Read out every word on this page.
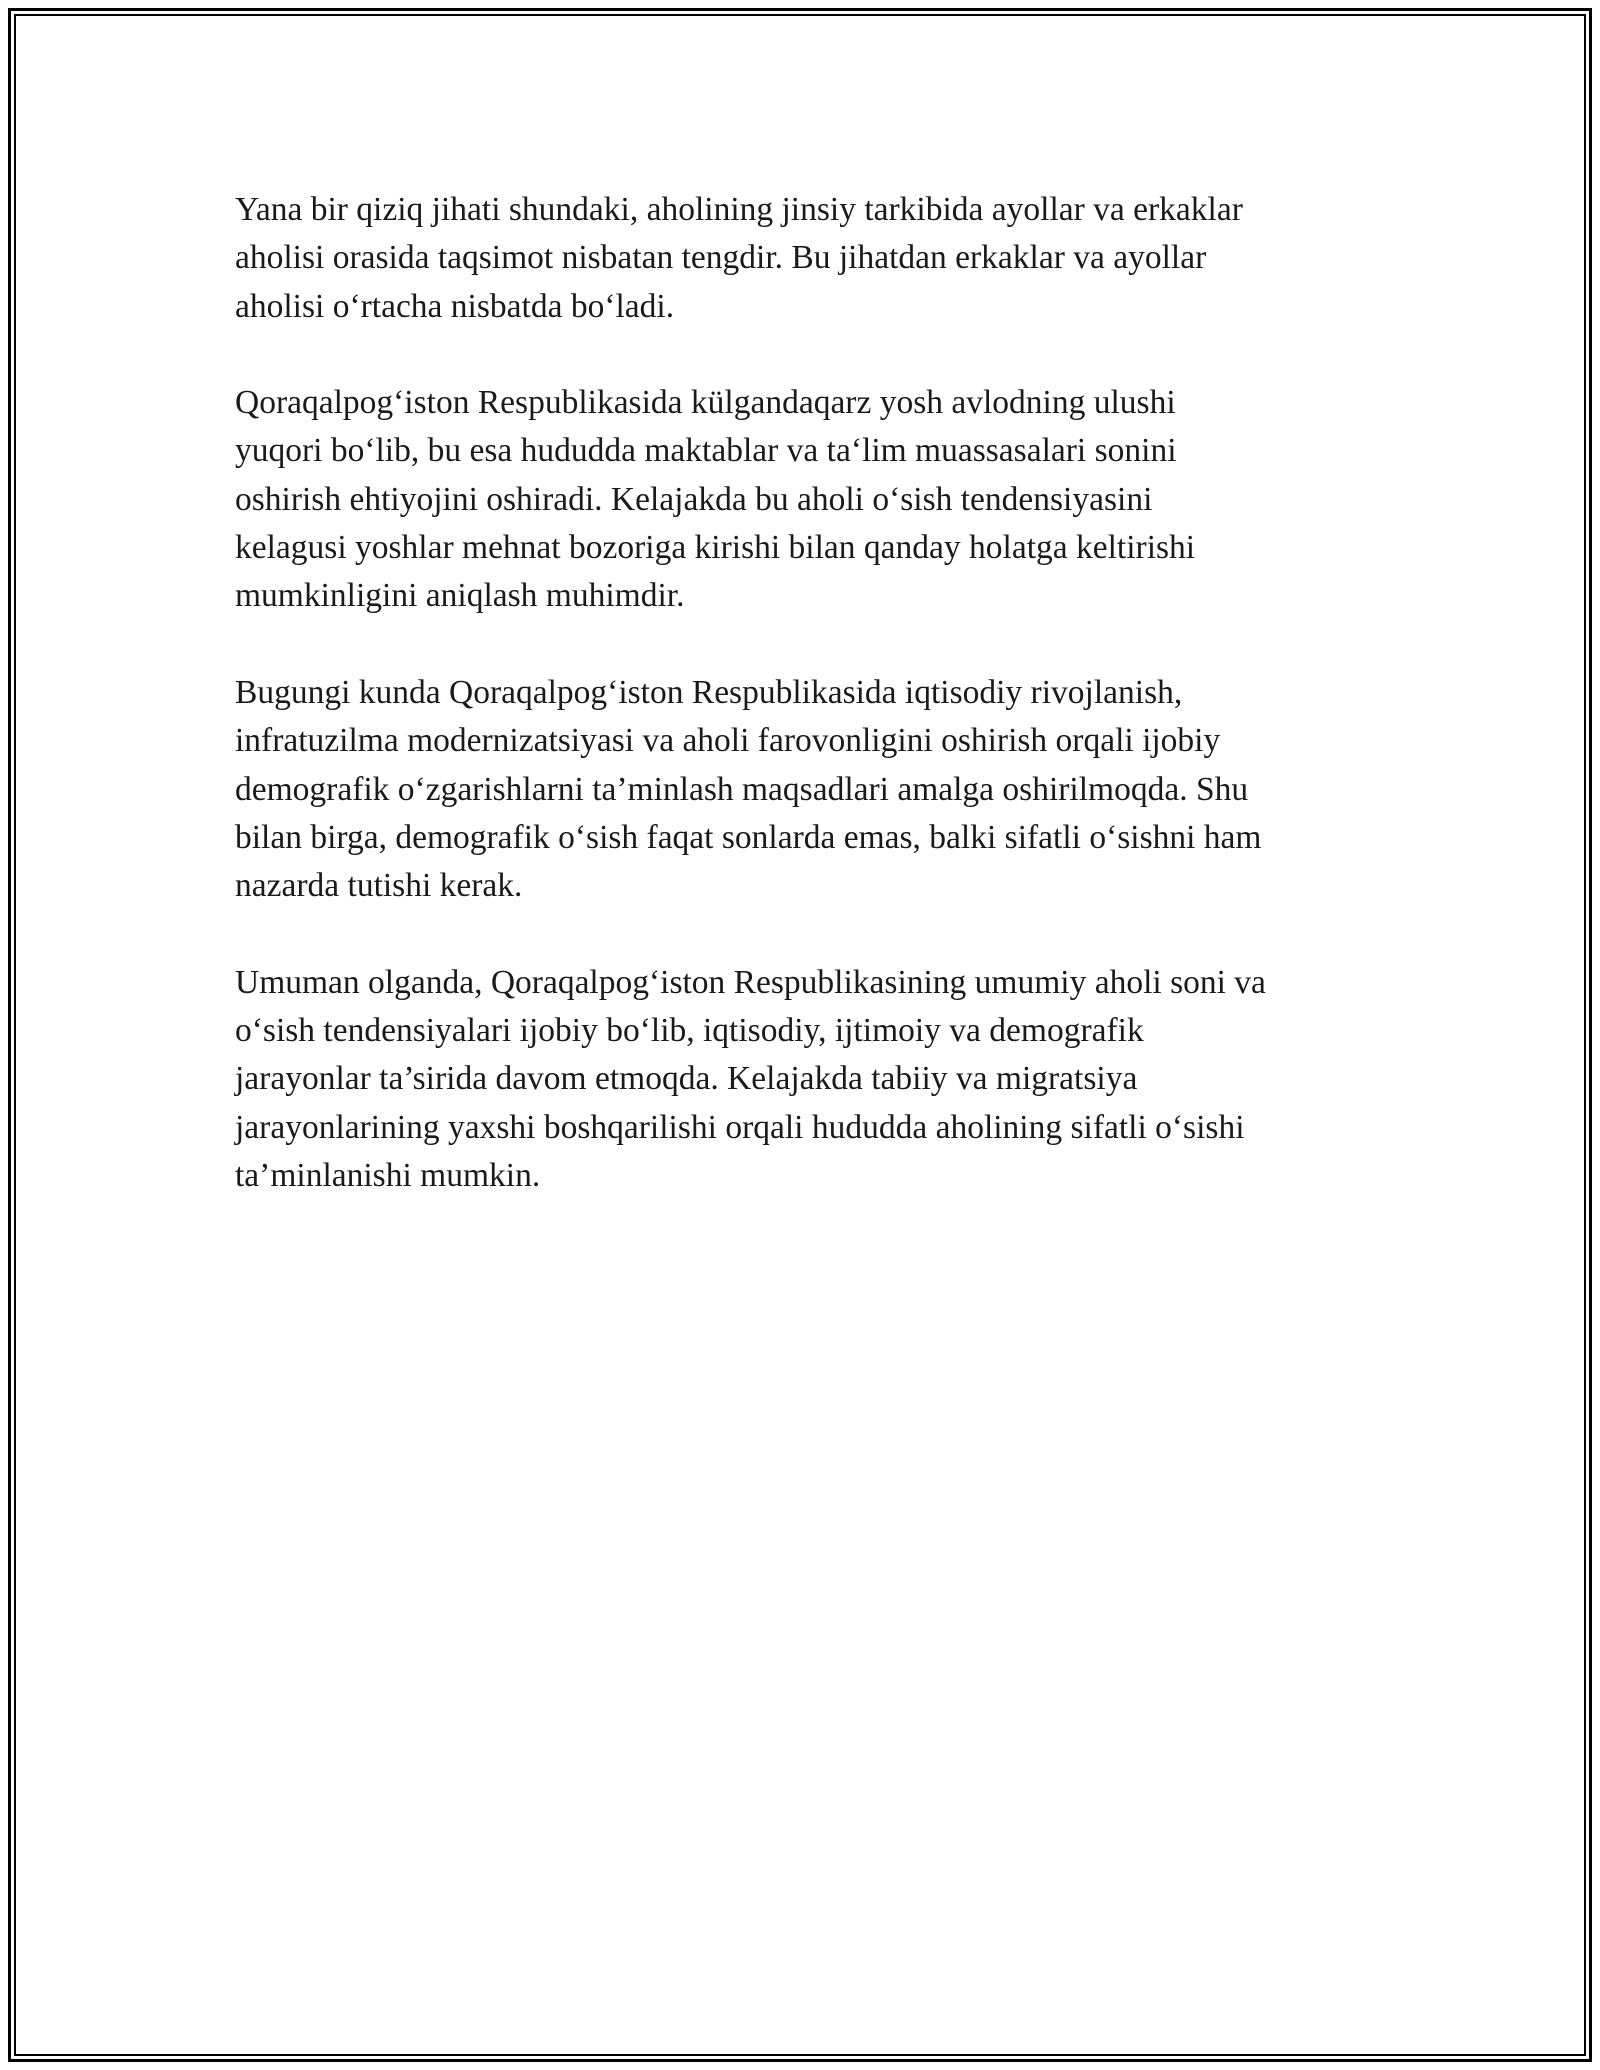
Yana bir qiziq jihati shundaki, aholining jinsiy tarkibida ayollar va erkaklar
aholisi orasida taqsimot nisbatan tengdir. Bu jihatdan erkaklar va ayollar
aholisi o‘rtacha nisbatda bo‘ladi.

Qoraqalpog‘iston Respublikasida külgandaqarz yosh avlodning ulushi
yuqori bo‘lib, bu esa hududda maktablar va ta‘lim muassasalari sonini
oshirish ehtiyojini oshiradi. Kelajakda bu aholi o‘sish tendensiyasini
kelagusi yoshlar mehnat bozoriga kirishi bilan qanday holatga keltirishi
mumkinligini aniqlash muhimdir.

Bugungi kunda Qoraqalpog‘iston Respublikasida iqtisodiy rivojlanish,
infratuzilma modernizatsiyasi va aholi farovonligini oshirish orqali ijobiy
demografik o‘zgarishlarni ta’minlash maqsadlari amalga oshirilmoqda. Shu
bilan birga, demografik o‘sish faqat sonlarda emas, balki sifatli o‘sishni ham
nazarda tutishi kerak.

Umuman olganda, Qoraqalpog‘iston Respublikasining umumiy aholi soni va
o‘sish tendensiyalari ijobiy bo‘lib, iqtisodiy, ijtimoiy va demografik
jarayonlar ta’sirida davom etmoqda. Kelajakda tabiiy va migratsiya
jarayonlarining yaxshi boshqarilishi orqali hududda aholining sifatli o‘sishi
ta’minlanishi mumkin.
